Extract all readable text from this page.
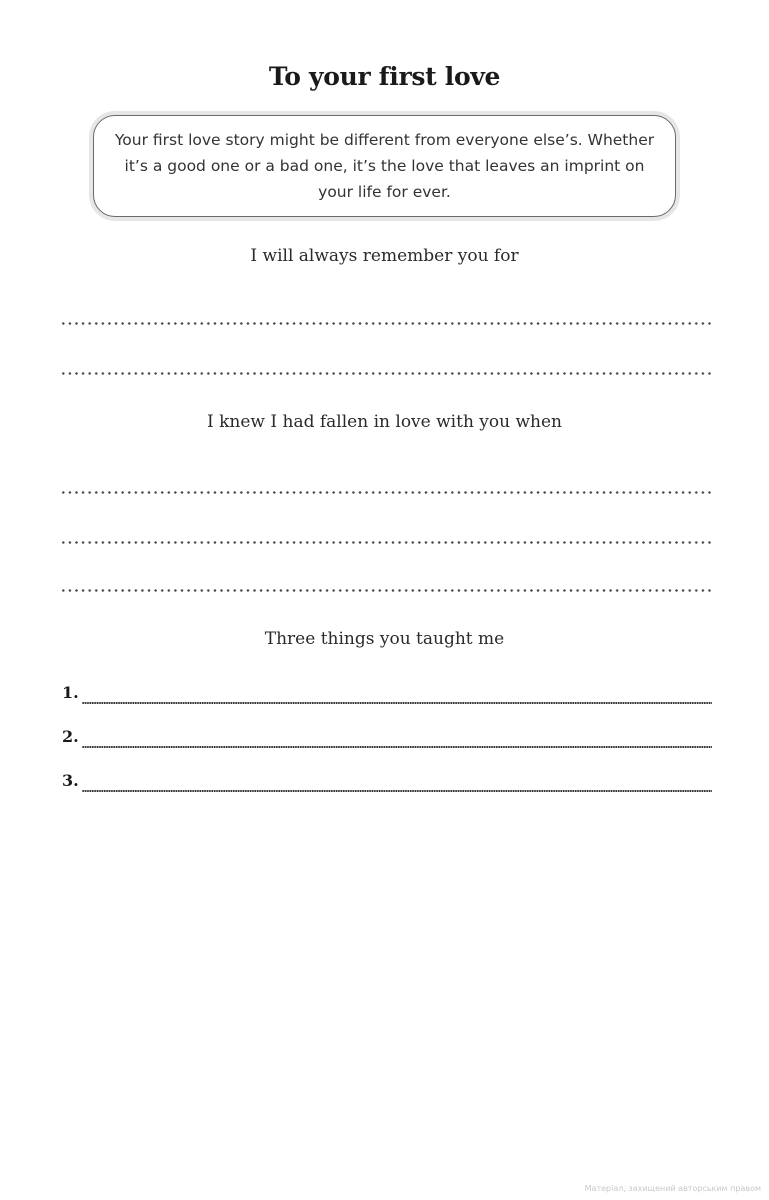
To your first love

Your first love story might be different from everyone else’s. Whether it’s a good one or a bad one, it’s the love that leaves an imprint on your life for ever.

I will always remember you for

I knew I had fallen in love with you when

Three things you taught me

1.
2.
3.
Матеріал, захищений авторським правом
